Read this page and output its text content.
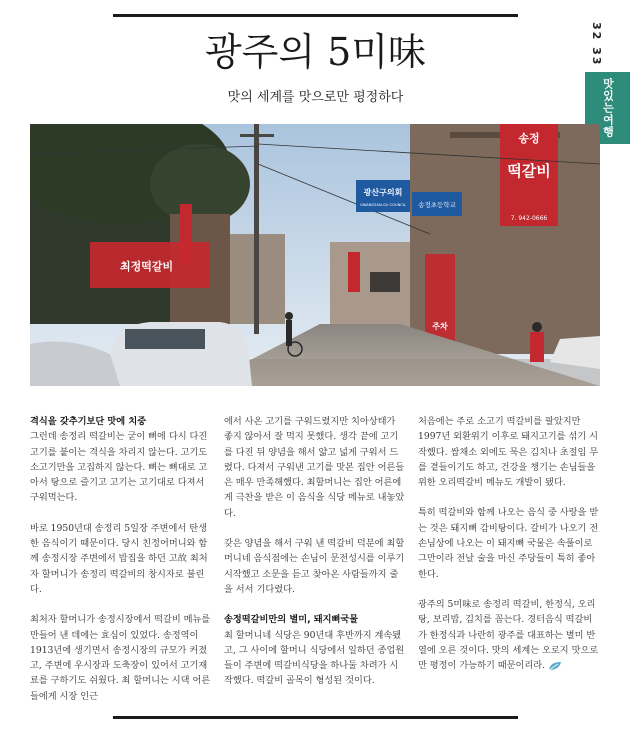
광주의 5미味
맛의 세계를 맛으로만 평정하다
32 33
맛있는여행
최정떡갈비
송정
떡갈비
7. 942-0666
주차
광산구의회
GWANGSAN-GU COUNCIL 송정초등학교

격식을 갖추기보단 맛에 치중
그런데 송정리 떡갈비는 굳이 뼈에 다시 다진 고기를 붙이는 격식을 차리지 않는다. 고기도 소고기만을 고집하지 않는다. 뼈는 뼈대로 고아서 탕으로 즐기고 고기는 고기대로 다져서 구워먹는다.

바로 1950년대 송정리 5일장 주변에서 탄생한 음식이기 때문이다. 당시 친정어머니와 함께 송정시장 주변에서 밥집을 하던 고故 최처자 할머니가 송정리 떡갈비의 창시자로 불린다.

최처자 할머니가 송정시장에서 떡갈비 메뉴를 만들어 낸 데에는 효심이 있었다. 송정역이 1913년에 생기면서 송정시장의 규모가 커졌고, 주변에 우시장과 도축장이 있어서 고기재료를 구하기도 쉬웠다. 최 할머니는 시댁 어른들에게 시장 인근

에서 사온 고기를 구워드렸지만 치아상태가 좋지 않아서 잘 먹지 못했다. 생각 끝에 고기를 다진 뒤 양념을 해서 얇고 넓게 구워서 드렸다. 다져서 구워낸 고기를 맛본 집안 어른들은 매우 만족해했다. 최할머니는 집안 어른에게 극찬을 받은 이 음식을 식당 메뉴로 내놓았다.

갖은 양념을 해서 구워 낸 떡갈비 덕분에 최할머니네 음식점에는 손님이 문전성시를 이루기 시작했고 소문을 듣고 찾아온 사람들까지 줄을 서서 기다렸다.

송정떡갈비만의 별미, 돼지뼈국물
최 할머니네 식당은 90년대 후반까지 계속됐고, 그 사이에 할머니 식당에서 일하던 종업원들이 주변에 떡갈비식당을 하나둘 차려가 시작했다. 떡갈비 골목이 형성된 것이다.

처음에는 주로 소고기 떡갈비를 팔았지만 1997년 외환위기 이후로 돼지고기를 섞기 시작했다. 쌈채소 외에도 묵은 김치나 초절임 무를 곁들이기도 하고, 건강을 챙기는 손님들을 위한 오리떡갈비 메뉴도 개발이 됐다.

특히 떡갈비와 함께 나오는 음식 중 사랑을 받는 것은 돼지뼈 감비탕이다. 갈비가 나오기 전 손님상에 나오는 이 돼지뼈 국물은 속풀이로 그만이라 전날 술을 마신 주당들이 특히 좋아한다.

광주의 5미味로 송정리 떡갈비, 한정식, 오리탕, 보리밥, 김치를 꼽는다. 경터음식 떡갈비가 한정식과 나란히 광주를 대표하는 별미 반열에 오른 것이다. 맛의 세계는 오로지 맛으로만 평정이 가능하기 때문이리라.
